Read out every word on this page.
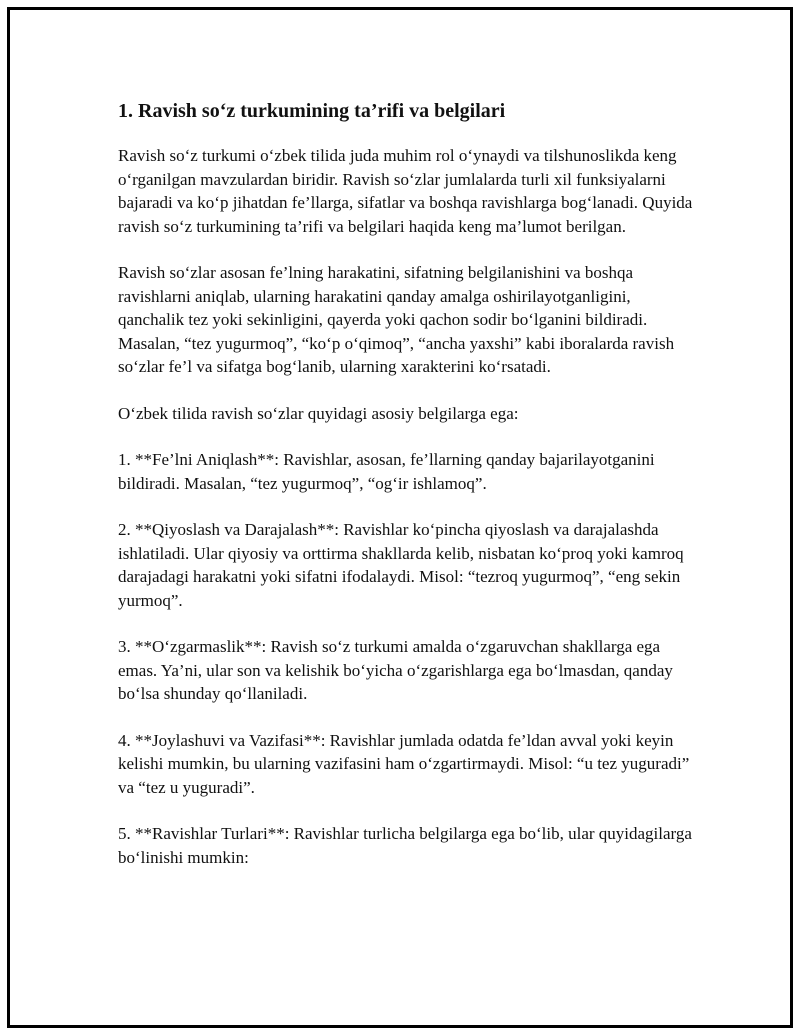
1. Ravish so‘z turkumining ta’rifi va belgilari

Ravish so‘z turkumi o‘zbek tilida juda muhim rol o‘ynaydi va tilshunoslikda keng o‘rganilgan mavzulardan biridir. Ravish so‘zlar jumlalarda turli xil funksiyalarni bajaradi va ko‘p jihatdan fe’llarga, sifatlar va boshqa ravishlarga bog‘lanadi. Quyida ravish so‘z turkumining ta’rifi va belgilari haqida keng ma’lumot berilgan.

Ravish so‘zlar asosan fe’lning harakatini, sifatning belgilanishini va boshqa ravishlarni aniqlab, ularning harakatini qanday amalga oshirilayotganligini, qanchalik tez yoki sekinligini, qayerda yoki qachon sodir bo‘lganini bildiradi. Masalan, “tez yugurmoq”, “ko‘p o‘qimoq”, “ancha yaxshi” kabi iboralarda ravish so‘zlar fe’l va sifatga bog‘lanib, ularning xarakterini ko‘rsatadi.

O‘zbek tilida ravish so‘zlar quyidagi asosiy belgilarga ega:

1. **Fe’lni Aniqlash**: Ravishlar, asosan, fe’llarning qanday bajarilayotganini bildiradi. Masalan, “tez yugurmoq”, “og‘ir ishlamoq”.

2. **Qiyoslash va Darajalash**: Ravishlar ko‘pincha qiyoslash va darajalashda ishlatiladi. Ular qiyosiy va orttirma shakllarda kelib, nisbatan ko‘proq yoki kamroq darajadagi harakatni yoki sifatni ifodalaydi. Misol: “tezroq yugurmoq”, “eng sekin yurmoq”.

3. **O‘zgarmaslik**: Ravish so‘z turkumi amalda o‘zgaruvchan shakllarga ega emas. Ya’ni, ular son va kelishik bo‘yicha o‘zgarishlarga ega bo‘lmasdan, qanday bo‘lsa shunday qo‘llaniladi.

4. **Joylashuvi va Vazifasi**: Ravishlar jumlada odatda fe’ldan avval yoki keyin kelishi mumkin, bu ularning vazifasini ham o‘zgartirmaydi. Misol: “u tez yuguradi” va “tez u yuguradi”.

5. **Ravishlar Turlari**: Ravishlar turlicha belgilarga ega bo‘lib, ular quyidagilarga bo‘linishi mumkin:
